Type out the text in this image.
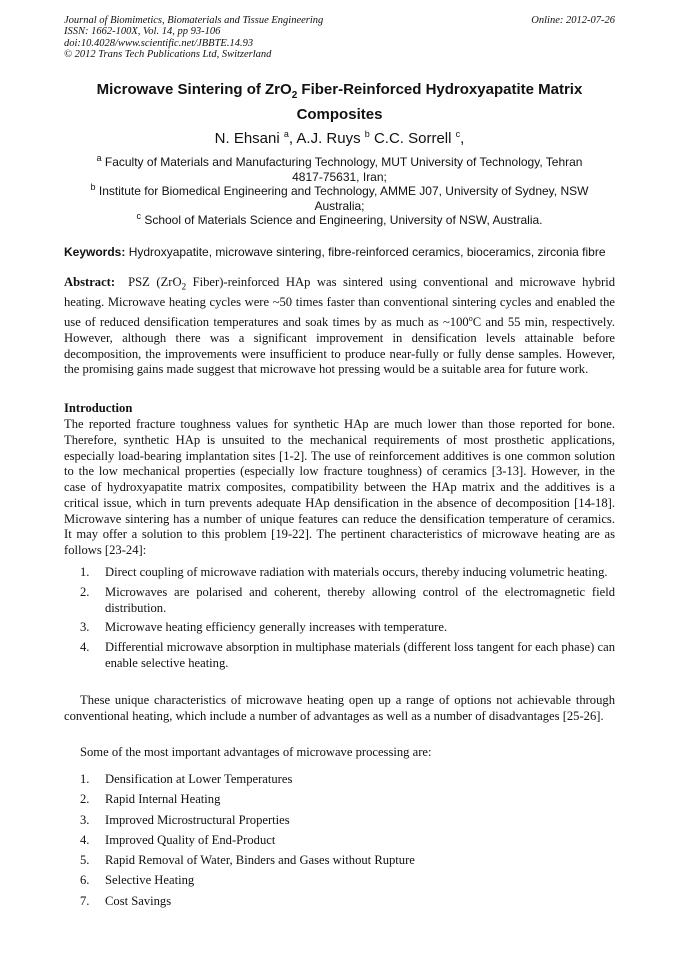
Journal of Biomimetics, Biomaterials and Tissue Engineering
ISSN: 1662-100X, Vol. 14, pp 93-106
doi:10.4028/www.scientific.net/JBBTE.14.93
© 2012 Trans Tech Publications Ltd, Switzerland
Online: 2012-07-26
Microwave Sintering of ZrO$_2$ Fiber-Reinforced Hydroxyapatite Matrix
Composites
N. Ehsani $^a$, A.J. Ruys $^b$ C.C. Sorrell $^c$,
$^a$ Faculty of Materials and Manufacturing Technology, MUT University of Technology, Tehran
4817-75631, Iran;
$^b$ Institute for Biomedical Engineering and Technology, AMME J07, University of Sydney, NSW
Australia;
$^c$ School of Materials Science and Engineering, University of NSW, Australia.
Keywords: Hydroxyapatite, microwave sintering, fibre-reinforced ceramics, bioceramics, zirconia fibre
Abstract:  PSZ (ZrO$_2$ Fiber)-reinforced HAp was sintered using conventional and microwave hybrid heating. Microwave heating cycles were ~50 times faster than conventional sintering cycles and enabled the use of reduced densification temperatures and soak times by as much as ~100$^o$C and 55 min, respectively. However, although there was a significant improvement in densification levels attainable before decomposition, the improvements were insufficient to produce near-fully or fully dense samples. However, the promising gains made suggest that microwave hot pressing would be a suitable area for future work.
Introduction
The reported fracture toughness values for synthetic HAp are much lower than those reported for bone. Therefore, synthetic HAp is unsuited to the mechanical requirements of most prosthetic applications, especially load-bearing implantation sites [1-2]. The use of reinforcement additives is one common solution to the low mechanical properties (especially low fracture toughness) of ceramics [3-13]. However, in the case of hydroxyapatite matrix composites, compatibility between the HAp matrix and the additives is a critical issue, which in turn prevents adequate HAp densification in the absence of decomposition [14-18]. Microwave sintering has a number of unique features can reduce the densification temperature of ceramics. It may offer a solution to this problem [19-22]. The pertinent characteristics of microwave heating are as follows [23-24]:
1. Direct coupling of microwave radiation with materials occurs, thereby inducing volumetric heating.
2. Microwaves are polarised and coherent, thereby allowing control of the electromagnetic field distribution.
3. Microwave heating efficiency generally increases with temperature.
4. Differential microwave absorption in multiphase materials (different loss tangent for each phase) can enable selective heating.
These unique characteristics of microwave heating open up a range of options not achievable through conventional heating, which include a number of advantages as well as a number of disadvantages [25-26].
Some of the most important advantages of microwave processing are:
1. Densification at Lower Temperatures
2. Rapid Internal Heating
3. Improved Microstructural Properties
4. Improved Quality of End-Product
5. Rapid Removal of Water, Binders and Gases without Rupture
6. Selective Heating
7. Cost Savings
